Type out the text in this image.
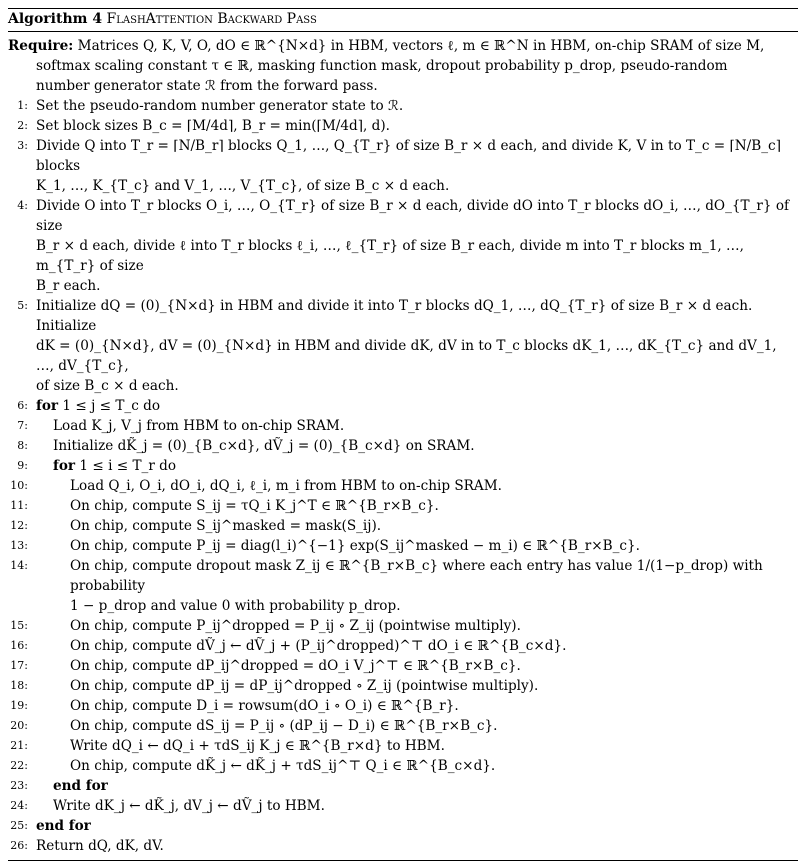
Algorithm 4 FlashAttention Backward Pass
Require: Matrices Q, K, V, O, dO ∈ ℝ^{N×d} in HBM, vectors ℓ, m ∈ ℝ^N in HBM, on-chip SRAM of size M,
softmax scaling constant τ ∈ ℝ, masking function mask, dropout probability p_drop, pseudo-random
number generator state ℛ from the forward pass.
1: Set the pseudo-random number generator state to ℛ.
2: Set block sizes B_c = ⌈M/4d⌉, B_r = min(⌈M/4d⌉, d).
3: Divide Q into T_r = ⌈N/B_r⌉ blocks Q_1, …, Q_{T_r} of size B_r × d each, and divide K, V in to T_c = ⌈N/B_c⌉ blocks
K_1, …, K_{T_c} and V_1, …, V_{T_c}, of size B_c × d each.
4: Divide O into T_r blocks O_i, …, O_{T_r} of size B_r × d each, divide dO into T_r blocks dO_i, …, dO_{T_r} of size
B_r × d each, divide ℓ into T_r blocks ℓ_i, …, ℓ_{T_r} of size B_r each, divide m into T_r blocks m_1, …, m_{T_r} of size
B_r each.
5: Initialize dQ = (0)_{N×d} in HBM and divide it into T_r blocks dQ_1, …, dQ_{T_r} of size B_r × d each. Initialize
dK = (0)_{N×d}, dV = (0)_{N×d} in HBM and divide dK, dV in to T_c blocks dK_1, …, dK_{T_c} and dV_1, …, dV_{T_c},
of size B_c × d each.
6: for 1 ≤ j ≤ T_c do
7: Load K_j, V_j from HBM to on-chip SRAM.
8: Initialize dK̃_j = (0)_{B_c×d}, dṼ_j = (0)_{B_c×d} on SRAM.
9: for 1 ≤ i ≤ T_r do
10:	Load Q_i, O_i, dO_i, dQ_i, ℓ_i, m_i from HBM to on-chip SRAM.
11:	On chip, compute S_ij = τQ_i K_j^T ∈ ℝ^{B_r×B_c}.
12:	On chip, compute S_ij^masked = mask(S_ij).
13:	On chip, compute P_ij = diag(l_i)^{−1} exp(S_ij^masked − m_i) ∈ ℝ^{B_r×B_c}.
14:	On chip, compute dropout mask Z_ij ∈ ℝ^{B_r×B_c} where each entry has value 1/(1−p_drop) with probability
1 − p_drop and value 0 with probability p_drop.
15:	On chip, compute P_ij^dropped = P_ij ∘ Z_ij (pointwise multiply).
16:	On chip, compute dṼ_j ← dṼ_j + (P_ij^dropped)^⊤ dO_i ∈ ℝ^{B_c×d}.
17:	On chip, compute dP_ij^dropped = dO_i V_j^⊤ ∈ ℝ^{B_r×B_c}.
18:	On chip, compute dP_ij = dP_ij^dropped ∘ Z_ij (pointwise multiply).
19:	On chip, compute D_i = rowsum(dO_i ∘ O_i) ∈ ℝ^{B_r}.
20:	On chip, compute dS_ij = P_ij ∘ (dP_ij − D_i) ∈ ℝ^{B_r×B_c}.
21:	Write dQ_i ← dQ_i + τdS_ij K_j ∈ ℝ^{B_r×d} to HBM.
22:	On chip, compute dK̃_j ← dK̃_j + τdS_ij^⊤ Q_i ∈ ℝ^{B_c×d}.
23: end for
24: Write dK_j ← dK̃_j, dV_j ← dṼ_j to HBM.
25: end for
26: Return dQ, dK, dV.
